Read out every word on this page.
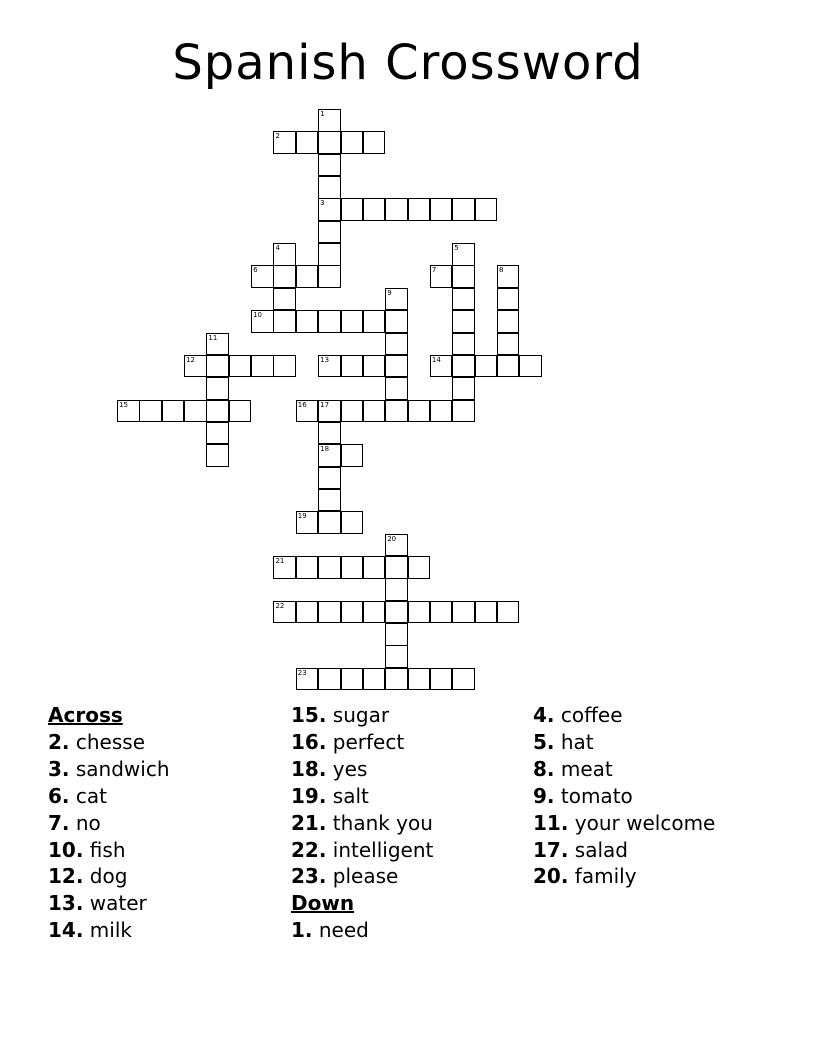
Spanish Crossword
1
3
2
4	5
6	7	8
9
10
11
12	13	14
15	16 17
18
19
20
21
22
23
Across
2. chesse
3. sandwich
6. cat
7. no
10. fish
12. dog
13. water
14. milk
15. sugar
16. perfect
18. yes
19. salt
21. thank you
22. intelligent
23. please
Down
1. need
4. coffee
5. hat
8. meat
9. tomato
11. your welcome
17. salad
20. family
